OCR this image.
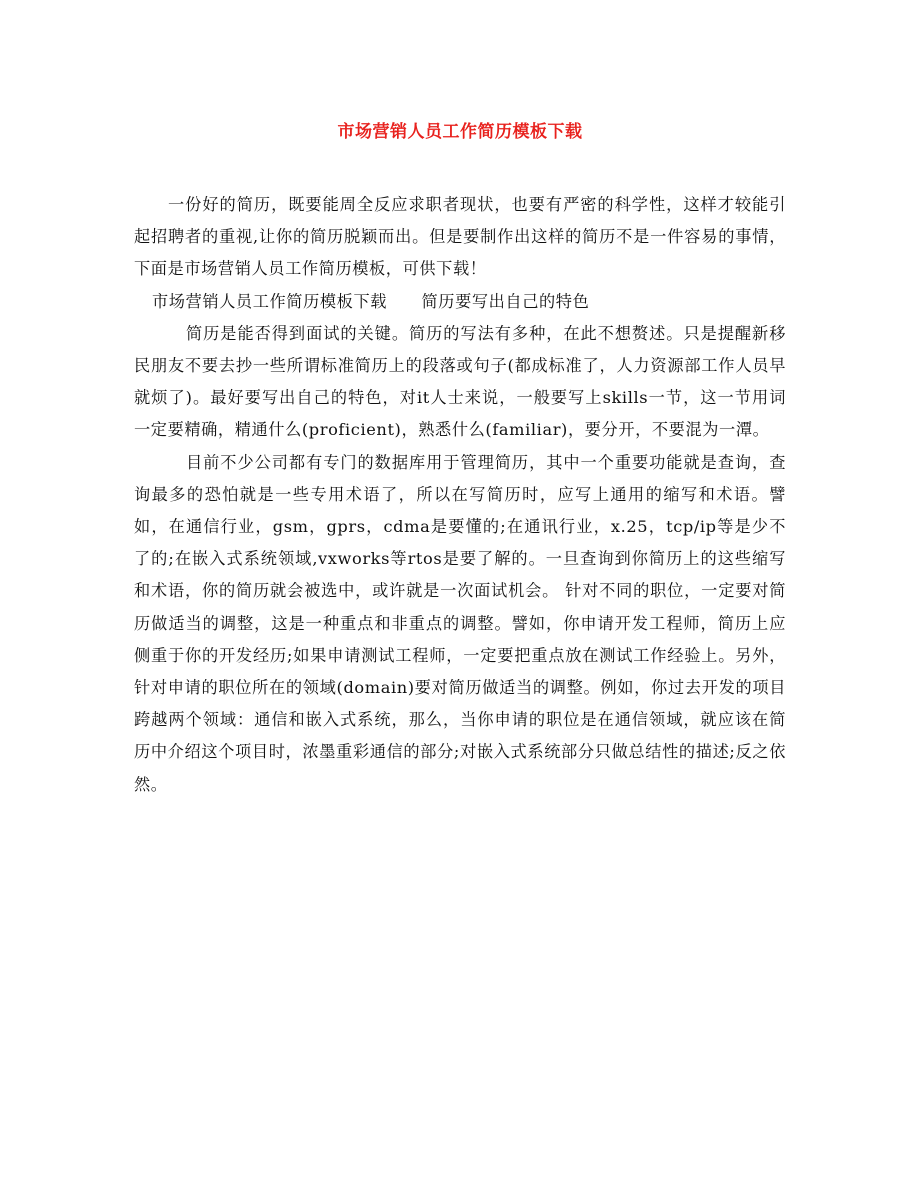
市场营销人员工作简历模板下载

一份好的简历，既要能周全反应求职者现状，也要有严密的科学性，这样才较能引起招聘者的重视,让你的简历脱颖而出。但是要制作出这样的简历不是一件容易的事情，下面是市场营销人员工作简历模板，可供下载！

市场营销人员工作简历模板下载      简历要写出自己的特色

简历是能否得到面试的关键。简历的写法有多种，在此不想赘述。只是提醒新移民朋友不要去抄一些所谓标准简历上的段落或句子(都成标准了，人力资源部工作人员早就烦了)。最好要写出自己的特色，对it人士来说，一般要写上skills一节，这一节用词一定要精确，精通什么(proficient)，熟悉什么(familiar)，要分开，不要混为一潭。

目前不少公司都有专门的数据库用于管理简历，其中一个重要功能就是查询，查询最多的恐怕就是一些专用术语了，所以在写简历时，应写上通用的缩写和术语。譬如，在通信行业，gsm，gprs，cdma是要懂的;在通讯行业，x.25，tcp/ip等是少不了的;在嵌入式系统领域,vxworks等rtos是要了解的。一旦查询到你简历上的这些缩写和术语，你的简历就会被选中，或许就是一次面试机会。 针对不同的职位，一定要对简历做适当的调整，这是一种重点和非重点的调整。譬如，你申请开发工程师，简历上应侧重于你的开发经历;如果申请测试工程师，一定要把重点放在测试工作经验上。另外，针对申请的职位所在的领域(domain)要对简历做适当的调整。例如，你过去开发的项目跨越两个领域：通信和嵌入式系统，那么，当你申请的职位是在通信领域，就应该在简历中介绍这个项目时，浓墨重彩通信的部分;对嵌入式系统部分只做总结性的描述;反之依然。
